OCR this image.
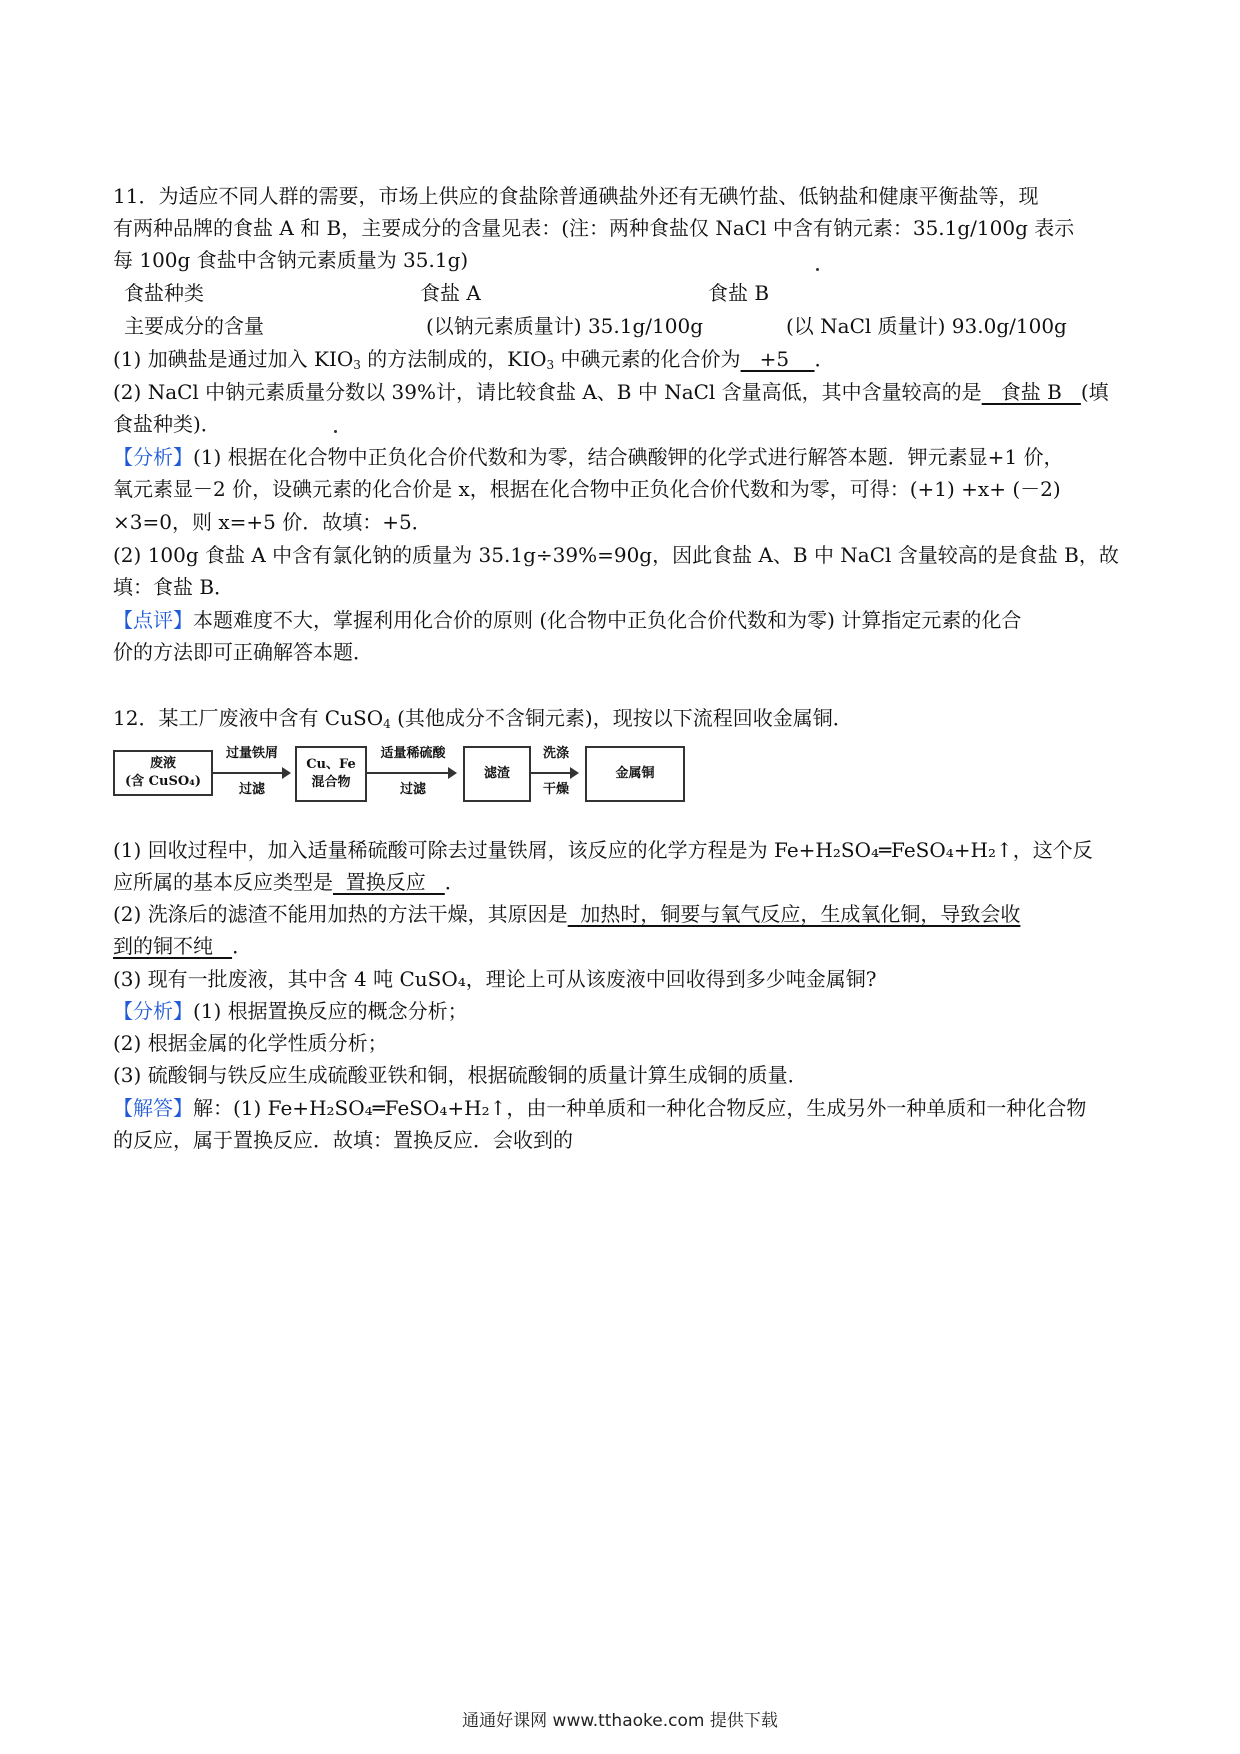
11．为适应不同人群的需要，市场上供应的食盐除普通碘盐外还有无碘竹盐、低钠盐和健康平衡盐等，现
有两种品牌的食盐 A 和 B，主要成分的含量见表：(注：两种食盐仅 NaCl 中含有钠元素：35.1g/100g 表示
每 100g 食盐中含钠元素质量为 35.1g)
食盐种类	食盐 A	食盐 B
主要成分的含量	(以钠元素质量计) 35.1g/100g	(以 NaCl 质量计) 93.0g/100g
(1) 加碘盐是通过加入 $KIO_3$ 的方法制成的，$KIO_3$ 中碘元素的化合价为   +5    ．
(2) NaCl 中钠元素质量分数以 39%计，请比较食盐 A、B 中 NaCl 含量高低，其中含量较高的是   食盐 B   (填
食盐种类)．
【分析】(1) 根据在化合物中正负化合价代数和为零，结合碘酸钾的化学式进行解答本题．钾元素显+1 价，
氧元素显－2 价，设碘元素的化合价是 x，根据在化合物中正负化合价代数和为零，可得：(+1) +x+ (－2)
×3=0，则 x=+5 价．故填：+5．
(2) 100g 食盐 A 中含有氯化钠的质量为 35.1g÷39%=90g，因此食盐 A、B 中 NaCl 含量较高的是食盐 B，故
填：食盐 B．
【点评】本题难度不大，掌握利用化合价的原则 (化合物中正负化合价代数和为零) 计算指定元素的化合
价的方法即可正确解答本题．
12．某工厂废液中含有 CuSO$_4$ (其他成分不含铜元素)，现按以下流程回收金属铜．
废液
(含 CuSO₄)
过量铁屑
过滤
Cu、Fe
混合物
适量稀硫酸
过滤
滤渣
洗涤
干燥
金属铜
(1) 回收过程中，加入适量稀硫酸可除去过量铁屑，该反应的化学方程是为 Fe+H₂SO₄═FeSO₄+H₂↑，这个反
应所属的基本反应类型是  置换反应   ．
(2) 洗涤后的滤渣不能用加热的方法干燥，其原因是  加热时，铜要与氧气反应，生成氧化铜，导致会收
到的铜不纯   ．
(3) 现有一批废液，其中含 4 吨 CuSO₄，理论上可从该废液中回收得到多少吨金属铜?
【分析】(1) 根据置换反应的概念分析；
(2) 根据金属的化学性质分析；
(3) 硫酸铜与铁反应生成硫酸亚铁和铜，根据硫酸铜的质量计算生成铜的质量．
【解答】解：(1) Fe+H₂SO₄═FeSO₄+H₂↑，由一种单质和一种化合物反应，生成另外一种单质和一种化合物
的反应，属于置换反应．故填：置换反应．会收到的
通通好课网 www.tthaoke.com 提供下载
